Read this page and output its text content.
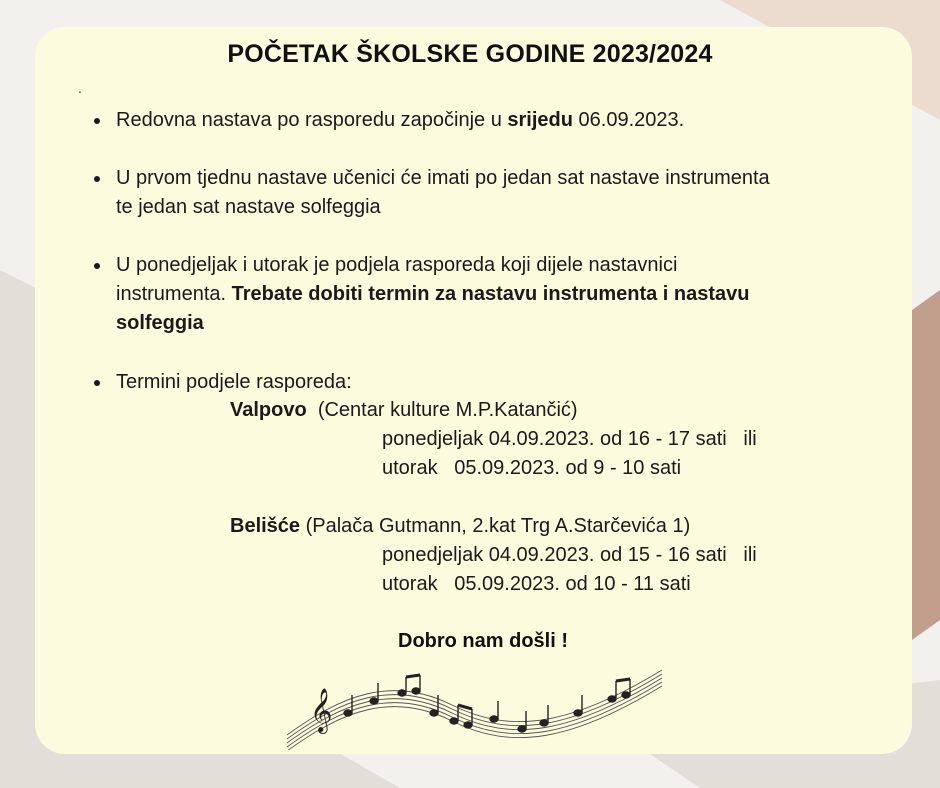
POČETAK ŠKOLSKE GODINE 2023/2024
.
Redovna nastava po rasporedu započinje u srijedu 06.09.2023.
U prvom tjednu nastave učenici će imati po jedan sat nastave instrumenta
te jedan sat nastave solfeggia
U ponedjeljak i utorak je podjela rasporeda koji dijele nastavnici
instrumenta. Trebate dobiti termin za nastavu instrumenta i nastavu
solfeggia
Termini podjele rasporeda:
Valpovo  (Centar kulture M.P.Katančić)
ponedjeljak 04.09.2023. od 16 - 17 sati   ili
utorak   05.09.2023. od 9 - 10 sati
Belišće (Palača Gutmann, 2.kat Trg A.Starčevića 1)
ponedjeljak 04.09.2023. od 15 - 16 sati   ili
utorak   05.09.2023. od 10 - 11 sati
Dobro nam došli !
𝄞
